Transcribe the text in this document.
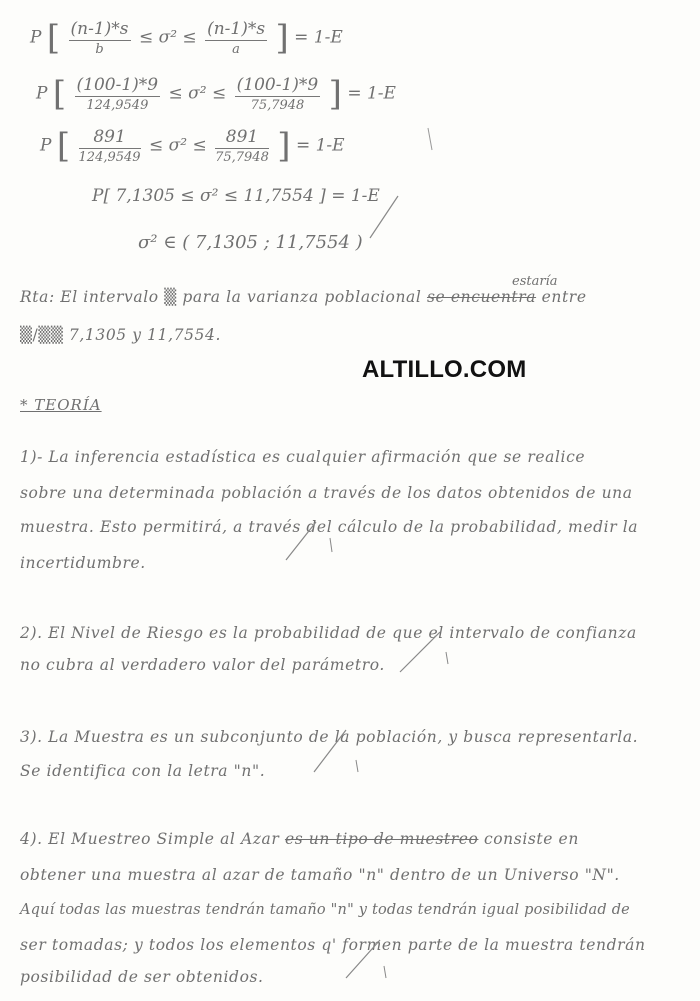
P [ $\frac{(n-1)*s}{b} \le \sigma^2 \le \frac{(n-1)*s}{a}$ ] = 1-E
P [ $\frac{(100-1)*9}{124,9549} \le \sigma^2 \le \frac{(100-1)*9}{75,7948}$ ] = 1-E
P [ $\frac{891}{124,9549} \le \sigma^2 \le \frac{891}{75,7948}$ ] = 1-E
P[ 7,1305 ≤ σ² ≤ 11,7554 ] = 1-E
σ² ∈ ( 7,1305 ; 11,7554 )
Rta: El intervalo ▒ para la varianza poblacional se encuentra entre
estaría
▒/▒▒ 7,1305 y 11,7554.
ALTILLO.COM
* TEORÍA
1)- La inferencia estadística es cualquier afirmación que se realice
sobre una determinada población a través de los datos obtenidos de una
muestra. Esto permitirá, a través del cálculo de la probabilidad, medir la
incertidumbre.
2). El Nivel de Riesgo es la probabilidad de que el intervalo de confianza
no cubra al verdadero valor del parámetro.
3). La Muestra es un subconjunto de la población, y busca representarla.
Se identifica con la letra "n".
4). El Muestreo Simple al Azar es un tipo de muestreo consiste en
obtener una muestra al azar de tamaño "n" dentro de un Universo "N".
Aquí todas las muestras tendrán tamaño "n" y todas tendrán igual posibilidad de
ser tomadas; y todos los elementos q' formen parte de la muestra tendrán
posibilidad de ser obtenidos.
